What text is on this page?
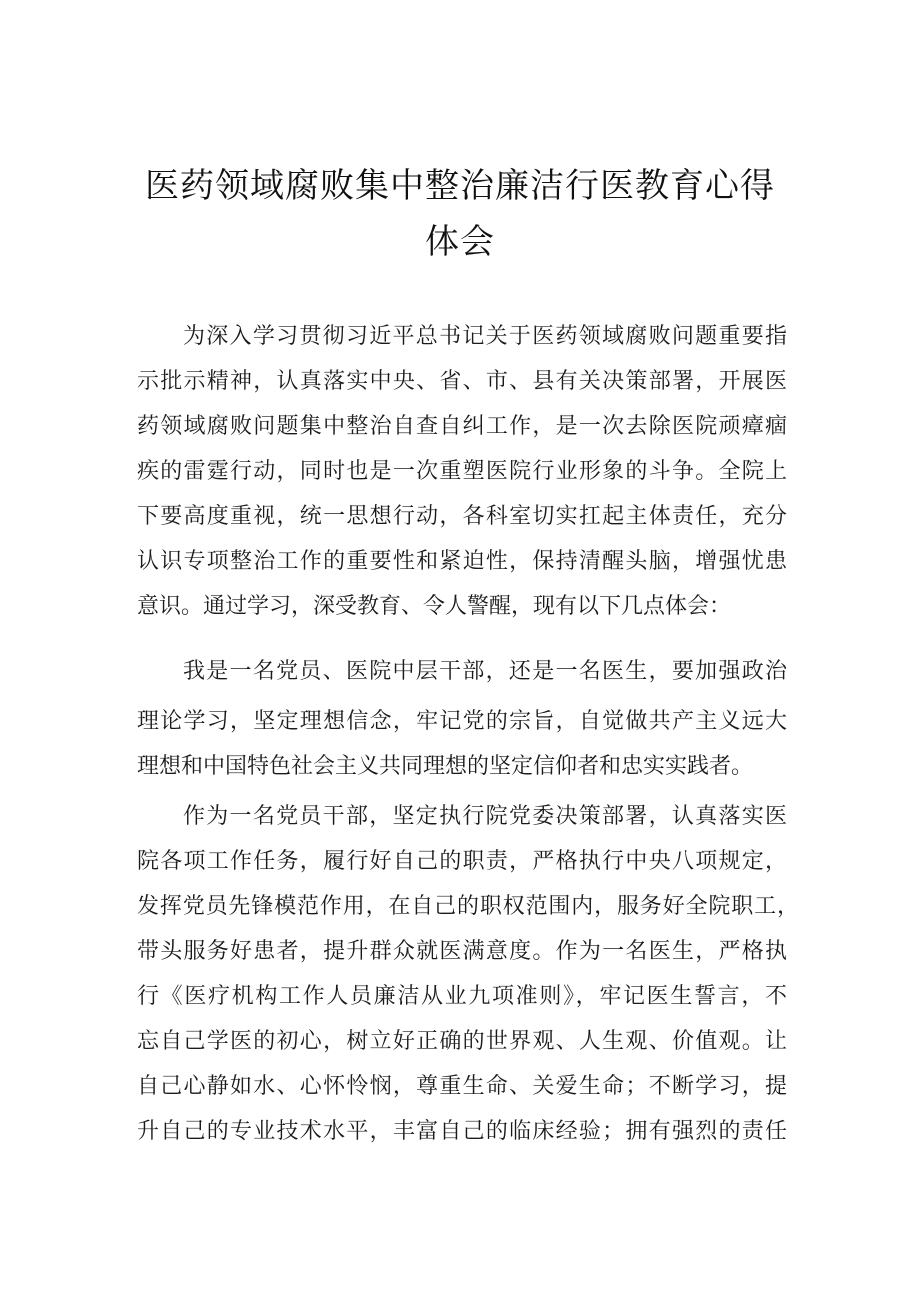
医药领域腐败集中整治廉洁行医教育心得
体会
为深入学习贯彻习近平总书记关于医药领域腐败问题重要指
示批示精神，认真落实中央、省、市、县有关决策部署，开展医
药领域腐败问题集中整治自查自纠工作，是一次去除医院顽瘴痼
疾的雷霆行动，同时也是一次重塑医院行业形象的斗争。全院上
下要高度重视，统一思想行动，各科室切实扛起主体责任，充分
认识专项整治工作的重要性和紧迫性，保持清醒头脑，增强忧患
意识。通过学习，深受教育、令人警醒，现有以下几点体会：
我是一名党员、医院中层干部，还是一名医生，要加强政治
理论学习，坚定理想信念，牢记党的宗旨，自觉做共产主义远大
理想和中国特色社会主义共同理想的坚定信仰者和忠实实践者。
作为一名党员干部，坚定执行院党委决策部署，认真落实医
院各项工作任务，履行好自己的职责，严格执行中央八项规定，
发挥党员先锋模范作用，在自己的职权范围内，服务好全院职工，
带头服务好患者，提升群众就医满意度。作为一名医生，严格执
行《医疗机构工作人员廉洁从业九项准则》，牢记医生誓言，不
忘自己学医的初心，树立好正确的世界观、人生观、价值观。让
自己心静如水、心怀怜悯，尊重生命、关爱生命；不断学习，提
升自己的专业技术水平，丰富自己的临床经验；拥有强烈的责任
